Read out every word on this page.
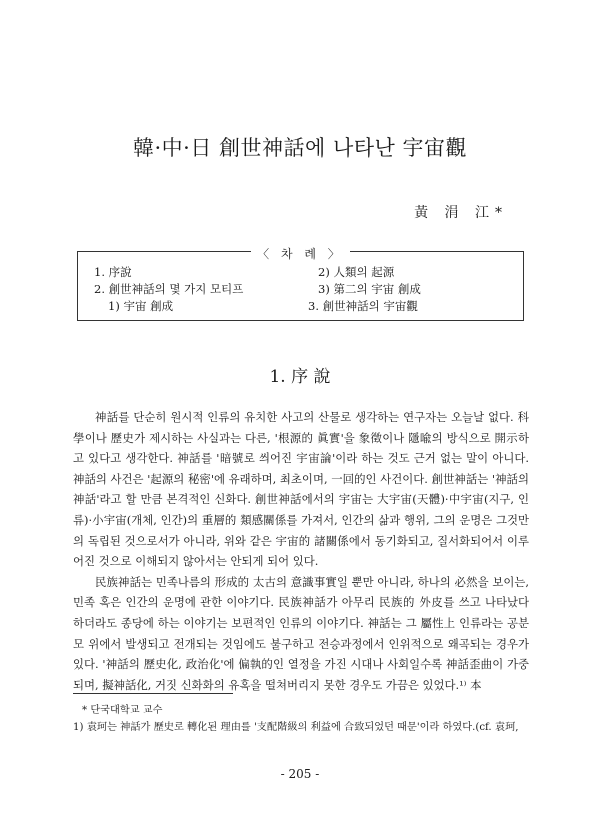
韓·中·日 創世神話에 나타난 宇宙觀
黃 涓 江*
〈 차 례 〉
1. 序說
2. 創世神話의 몇 가지 모티프
1) 宇宙 創成
2) 人類의 起源
3) 第二의 宇宙 創成
3. 創世神話의 宇宙觀
1. 序 說

神話를 단순히 원시적 인류의 유치한 사고의 산물로 생각하는 연구자는 오늘날 없다. 科學이나 歷史가 제시하는 사실과는 다른, '根源的 眞實'을 象徵이나 隱喩의 방식으로 開示하고 있다고 생각한다. 神話를 '暗號로 씌어진 宇宙論'이라 하는 것도 근거 없는 말이 아니다. 神話의 사건은 '起源의 秘密'에 유래하며, 최초이며, 一回的인 사건이다. 創世神話는 '神話의 神話'라고 할 만큼 본격적인 신화다. 創世神話에서의 宇宙는 大宇宙(天體)·中宇宙(지구, 인류)·小宇宙(개체, 인간)의 重層的 類感關係를 가져서, 인간의 삶과 행위, 그의 운명은 그것만의 독립된 것으로서가 아니라, 위와 같은 宇宙的 諸關係에서 동기화되고, 질서화되어서 이루어진 것으로 이해되지 않아서는 안되게 되어 있다.

民族神話는 민족나름의 形成的 太古의 意識事實일 뿐만 아니라, 하나의 必然을 보이는, 민족 혹은 인간의 운명에 관한 이야기다. 民族神話가 아무리 民族的 外皮를 쓰고 나타났다 하더라도 종당에 하는 이야기는 보편적인 인류의 이야기다. 神話는 그 屬性上 인류라는 공분모 위에서 발생되고 전개되는 것임에도 불구하고 전승과정에서 인위적으로 왜곡되는 경우가 있다. '神話의 歷史化, 政治化'에 偏執的인 열정을 가진 시대나 사회일수록 神話歪曲이 가중되며, 擬神話化, 거짓 신화화의 유혹을 떨쳐버리지 못한 경우도 가끔은 있었다.¹⁾ 本

* 단국대학교 교수
1) 袁珂는 神話가 歷史로 轉化된 理由를 '支配階級의 利益에 合致되었던 때문'이라 하였다.(cf. 袁珂,
- 205 -
